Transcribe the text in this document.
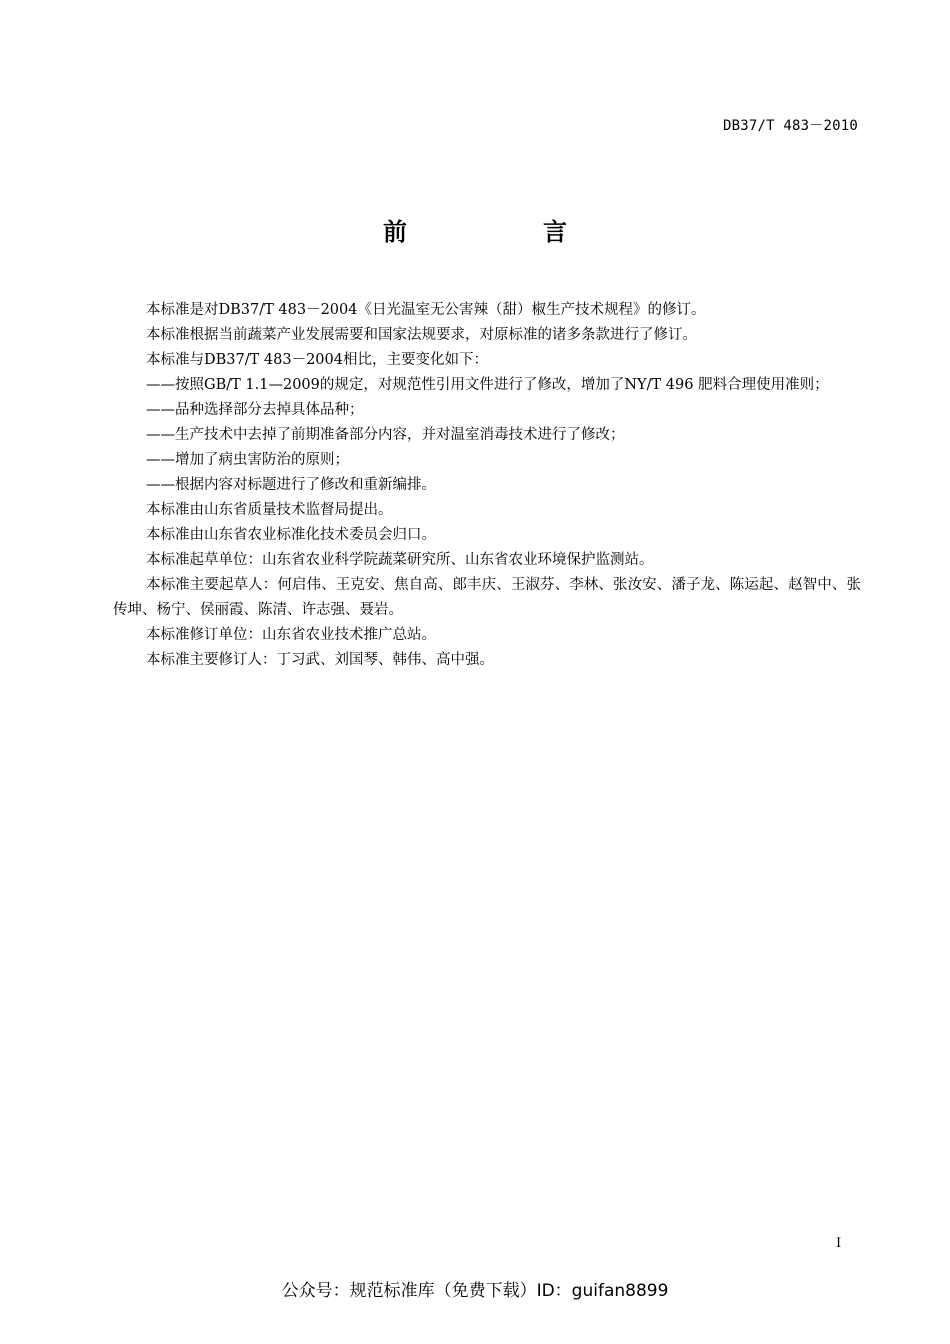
DB37/T 483－2010
前　言

本标准是对DB37/T 483－2004《日光温室无公害辣（甜）椒生产技术规程》的修订。

本标准根据当前蔬菜产业发展需要和国家法规要求，对原标准的诸多条款进行了修订。

本标准与DB37/T 483－2004相比，主要变化如下：

——按照GB/T 1.1—2009的规定，对规范性引用文件进行了修改，增加了NY/T 496 肥料合理使用准则；

——品种选择部分去掉具体品种；

——生产技术中去掉了前期准备部分内容，并对温室消毒技术进行了修改；

——增加了病虫害防治的原则；

——根据内容对标题进行了修改和重新编排。

本标准由山东省质量技术监督局提出。

本标准由山东省农业标准化技术委员会归口。

本标准起草单位：山东省农业科学院蔬菜研究所、山东省农业环境保护监测站。

本标准主要起草人：何启伟、王克安、焦自高、郎丰庆、王淑芬、李林、张汝安、潘子龙、陈运起、赵智中、张传坤、杨宁、侯丽霞、陈清、许志强、聂岩。

本标准修订单位：山东省农业技术推广总站。

本标准主要修订人：丁习武、刘国琴、韩伟、高中强。

I
公众号：规范标准库（免费下载）ID：guifan8899
